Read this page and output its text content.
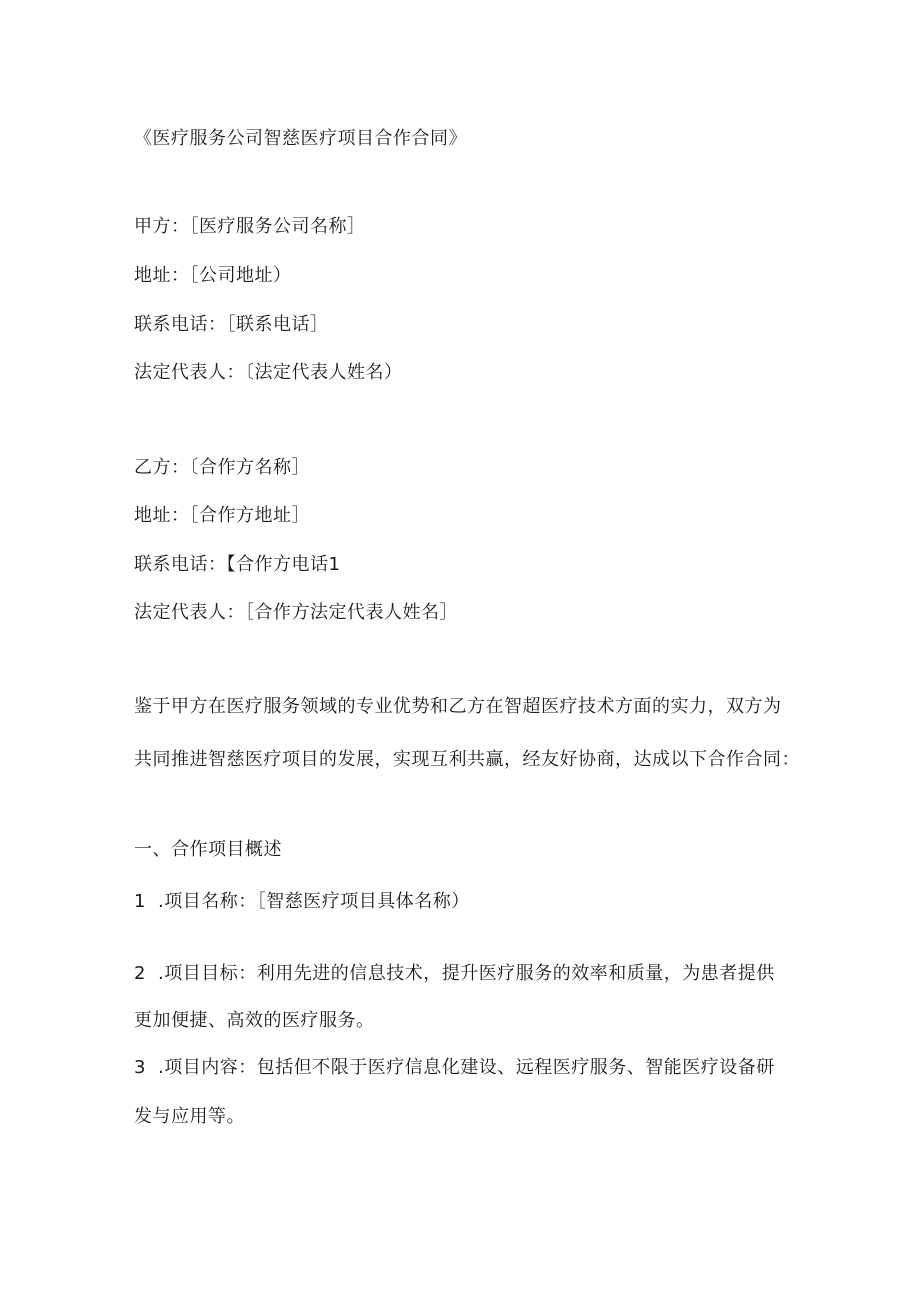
《医疗服务公司智慈医疗项目合作合同》
甲方：［医疗服务公司名称］
地址：［公司地址）
联系电话：［联系电话］
法定代表人：〔法定代表人姓名）
乙方：〔合作方名称］
地址：［合作方地址］
联系电话：【合作方电话1
法定代表人：［合作方法定代表人姓名］
鉴于甲方在医疗服务领域的专业优势和乙方在智超医疗技术方面的实力，双方为
共同推进智慈医疗项目的发展，实现互利共赢，经友好协商，达成以下合作合同：
一、合作项目概述
1 .项目名称：［智慈医疗项目具体名称）
2 .项目目标：利用先进的信息技术，提升医疗服务的效率和质量，为患者提供
更加便捷、高效的医疗服务。
3 .项目内容：包括但不限于医疗信息化建设、远程医疗服务、智能医疗设备研
发与应用等。
